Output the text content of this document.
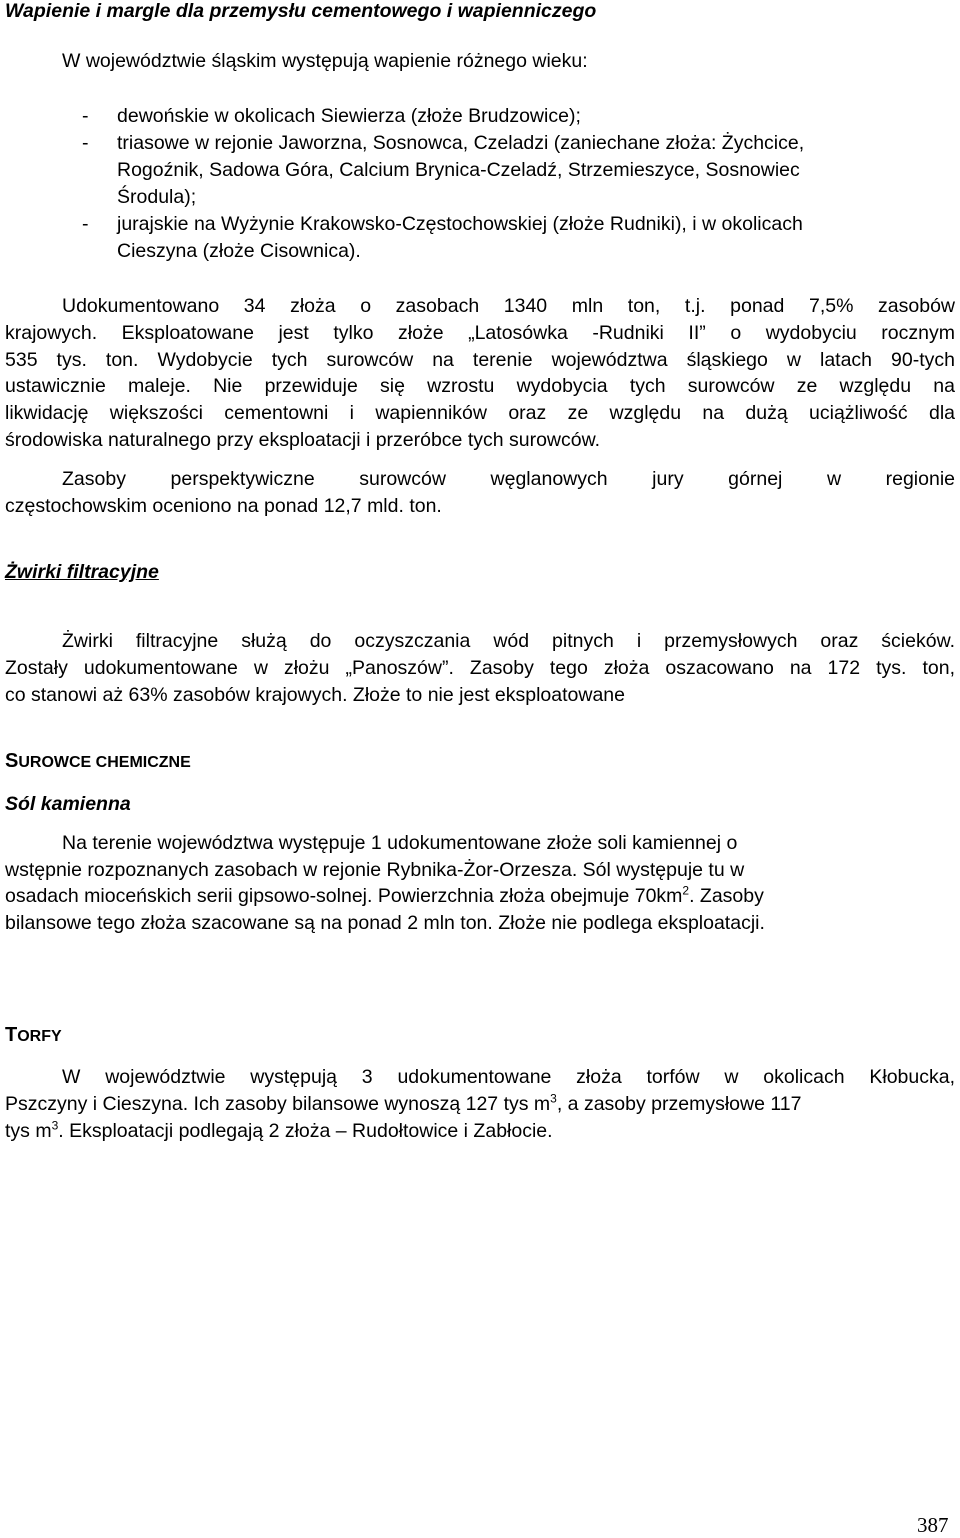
Wapienie i margle dla przemysłu cementowego i wapienniczego
W województwie śląskim występują wapienie różnego wieku:
- dewońskie w okolicach Siewierza (złoże Brudzowice);
- triasowe w rejonie Jaworzna, Sosnowca, Czeladzi (zaniechane złoża: Żychcice,
Rogoźnik, Sadowa Góra, Calcium Brynica-Czeladź, Strzemieszyce, Sosnowiec
Środula);
- jurajskie na Wyżynie Krakowsko-Częstochowskiej (złoże Rudniki), i w okolicach
Cieszyna (złoże Cisownica).
Udokumentowano 34 złoża o zasobach 1340 mln ton, t.j. ponad 7,5% zasobów
krajowych. Eksploatowane jest tylko złoże „Latosówka -Rudniki II” o wydobyciu rocznym
535 tys. ton. Wydobycie tych surowców na terenie województwa śląskiego w latach 90-tych
ustawicznie maleje. Nie przewiduje się wzrostu wydobycia tych surowców ze względu na
likwidację większości cementowni i wapienników oraz ze względu na dużą uciążliwość dla
środowiska naturalnego przy eksploatacji i przeróbce tych surowców.
Zasoby perspektywiczne surowców węglanowych jury górnej w regionie
częstochowskim oceniono na ponad 12,7 mld. ton.
Żwirki filtracyjne
Żwirki filtracyjne służą do oczyszczania wód pitnych i przemysłowych oraz ścieków.
Zostały udokumentowane w złożu „Panoszów”. Zasoby tego złoża oszacowano na 172 tys. ton,
co stanowi aż 63% zasobów krajowych. Złoże to nie jest eksploatowane
SUROWCE CHEMICZNE
Sól kamienna
Na terenie województwa występuje 1 udokumentowane złoże soli kamiennej o
wstępnie rozpoznanych zasobach w rejonie Rybnika-Żor-Orzesza. Sól występuje tu w
osadach mioceńskich serii gipsowo-solnej. Powierzchnia złoża obejmuje $70km^2$. Zasoby
bilansowe tego złoża szacowane są na ponad 2 mln ton. Złoże nie podlega eksploatacji.
TORFY
W województwie występują 3 udokumentowane złoża torfów w okolicach Kłobucka,
Pszczyny i Cieszyna. Ich zasoby bilansowe wynoszą 127 tys $m^3$, a zasoby przemysłowe 117
tys $m^3$. Eksploatacji podlegają 2 złoża – Rudołtowice i Zabłocie.
387
